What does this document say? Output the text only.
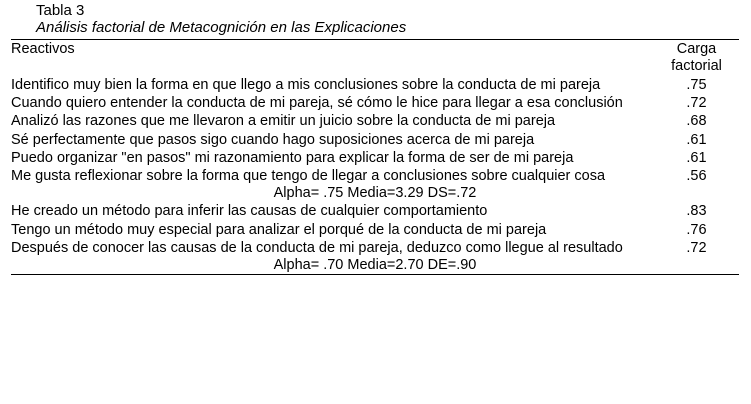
Tabla 3
Análisis factorial de Metacognición en las Explicaciones
Reactivos	Carga factorial
Identifico muy bien la forma en que llego a mis conclusiones sobre la conducta de mi pareja	.75
Cuando quiero entender la conducta de mi pareja, sé cómo le hice para llegar a esa conclusión	.72
Analizó las razones que me llevaron a emitir un juicio sobre la conducta de mi pareja	.68
Sé perfectamente que pasos sigo cuando hago suposiciones acerca de mi pareja	.61
Puedo organizar "en pasos" mi razonamiento para explicar la forma de ser de mi pareja	.61
Me gusta reflexionar sobre la forma que tengo de llegar a conclusiones sobre cualquier cosa	.56
Alpha= .75 Media=3.29 DS=.72	
He creado un método para inferir las causas de cualquier comportamiento	.83
Tengo un método muy especial para analizar el porqué de la conducta de mi pareja	.76
Después de conocer las causas de la conducta de mi pareja, deduzco como llegue al resultado	.72
Alpha= .70 Media=2.70 DE=.90	
